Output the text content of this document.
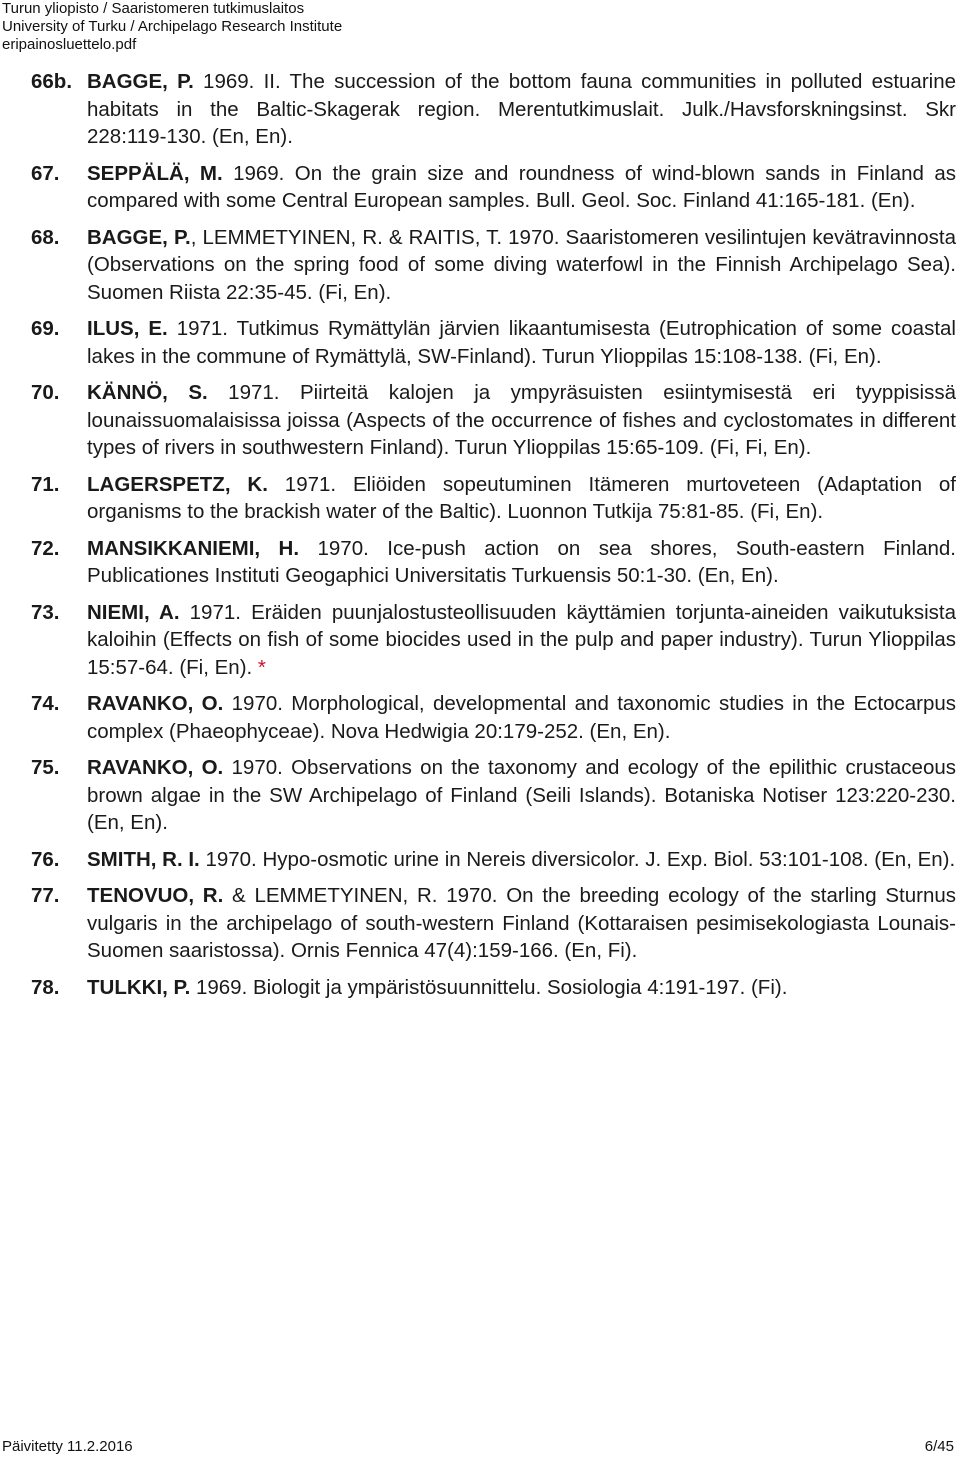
Turun yliopisto / Saaristomeren tutkimuslaitos
University of Turku / Archipelago Research Institute
eripainosluettelo.pdf
66b. BAGGE, P. 1969. II. The succession of the bottom fauna communities in polluted estuarine habitats in the Baltic-Skagerak region. Merentutkimuslait. Julk./Havsforskningsinst. Skr 228:119-130. (En, En).
67.	SEPPÄLÄ, M. 1969. On the grain size and roundness of wind-blown sands in Finland as compared with some Central European samples. Bull. Geol. Soc. Finland 41:165-181. (En).
68.	BAGGE, P., LEMMETYINEN, R. & RAITIS, T. 1970. Saaristomeren vesilintujen kevätravinnosta (Observations on the spring food of some diving waterfowl in the Finnish Archipelago Sea). Suomen Riista 22:35-45. (Fi, En).
69.	ILUS, E. 1971. Tutkimus Rymättylän järvien likaantumisesta (Eutrophication of some coastal lakes in the commune of Rymättylä, SW-Finland). Turun Ylioppilas 15:108-138. (Fi, En).
70.	KÄNNÖ, S. 1971. Piirteitä kalojen ja ympyräsuisten esiintymisestä eri tyyppisissä lounaissuomalaisissa joissa (Aspects of the occurrence of fishes and cyclostomates in different types of rivers in southwestern Finland). Turun Ylioppilas 15:65-109. (Fi, Fi, En).
71.	LAGERSPETZ, K. 1971. Eliöiden sopeutuminen Itämeren murtoveteen (Adaptation of organisms to the brackish water of the Baltic). Luonnon Tutkija 75:81-85. (Fi, En).
72.	MANSIKKANIEMI, H. 1970. Ice-push action on sea shores, South-eastern Finland. Publicationes Instituti Geogaphici Universitatis Turkuensis 50:1-30. (En, En).
73.	NIEMI, A. 1971. Eräiden puunjalostusteollisuuden käyttämien torjunta-aineiden vaikutuksista kaloihin (Effects on fish of some biocides used in the pulp and paper industry). Turun Ylioppilas 15:57-64. (Fi, En). *
74.	RAVANKO, O. 1970. Morphological, developmental and taxonomic studies in the Ectocarpus complex (Phaeophyceae). Nova Hedwigia 20:179-252. (En, En).
75.	RAVANKO, O. 1970. Observations on the taxonomy and ecology of the epilithic crustaceous brown algae in the SW Archipelago of Finland (Seili Islands). Botaniska Notiser 123:220-230. (En, En).
76.	SMITH, R. I. 1970. Hypo-osmotic urine in Nereis diversicolor. J. Exp. Biol. 53:101-108. (En, En).
77.	TENOVUO, R. & LEMMETYINEN, R. 1970. On the breeding ecology of the starling Sturnus vulgaris in the archipelago of south-western Finland (Kottaraisen pesimisekologiasta Lounais-Suomen saaristossa). Ornis Fennica 47(4):159-166. (En, Fi).
78.	TULKKI, P. 1969. Biologit ja ympäristösuunnittelu. Sosiologia 4:191-197. (Fi).
Päivitetty 11.2.2016	6/45
